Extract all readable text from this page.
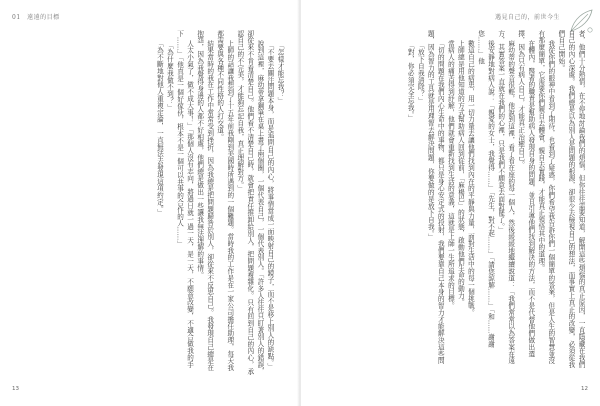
01 遠遠的目標

「怎樣才能忘我？」

「不要去關注問題本身，而是追問自己的內心，將事情當成一面映射自己的鏡子，而不是移上別人的缺點。」

說到這裡，麻幼蒂拿鋼筆在桌上畫了兩個圈，一個代表自己，一個代表別人。「許多人往往只盯著別人的錯誤，卻從來不肯看清楚自己。他們看不清楚自己時，就會把責任推卸給別人，把問題複雜化。只有回到自己的內心，承認自己的不完美，才能夠忘記自我，真正理解對方。」

上師的話讓我想到了十五年前我剛到美國時所遇到的一個難題。當時我的工作是在一家公司擔任助理，每天我都需要與各種不同性格的人打交道。

結果當時的我在工作中常常受到挫折，因為我總是把問題歸咎於別人，卻從來不反思自己。我發現自己總是在抱怨，因為我覺得身邊的人都不好相處，他們總是做出一些讓我無法理解的事情。

人太小氣了，做不成大事！」「那個人沒有志向，將過日就一過一天，是一天，不願意改變，不適合做我的手下……」「他真是一個好傢伙，根本不是一個可以共事的合作的人……」

「為什麼我做不到？」

「為不斷地對他人重複定論，一直無法去發現這項約定。」

13
遇見自己的，前世今生

者，他們十分熱情，在不停地討論我們的煩惱，但你往往需要知道，解開這些煩惱的真正原因，一直隱藏在我們自己的內心深處。我們總是以為別人是問題的根源，卻很少去檢視自己的想法，而事實上真正的改變，必須從我們自己開始。

我從你們的眼神中看到了期待，也看到了疑惑，你們希望我告訴你們一個簡單的答案，但是人生的智慧並沒有那麼簡單，它需要你們親自去體會，親自去實踐，才能真正領悟其中的道理。

在體內，醫者的職責是幫助病人發現自身的問題，並且引導他們找到解決的方法，而不是代替他們做出選擇，因為只有病人自己，才能真正治癒自己。

麻幼蒂的聲音很輕，他說到這裡，看了看在座的每一個人，然後緩緩地繼續說道：「我們常常以為答案在遠方，其實答案一直就在我們的心裡，只是我們不願意去面對罷了。」

後安靜地對病人說：「親愛的女士，我覺得……」「先生，對不起……」「請您諒解……」「和……謝謝您……」他

數這自己的病患，用一切力量去讓他們找到內在的平靜與力量，面對生活中的每一個挑戰。

上師總是用他知道的方式幫助病人回到從前，「麻楊巴」的狀態，啟動他們生命的動力。

當病人的痛苦得到紓解，他們就會重新找到生活的意義，這就是上師一生所追求的目標。

「切的問題在我們內心生命中的事物，都只是身心安定式的投射，我們要靠自己本身的智力才能解決這些問題，因為智力的工具就是用理智去解決問題，你要做的是放下自我。」

「放下自我清除？」

「對，你必須完全忘我。」

12
